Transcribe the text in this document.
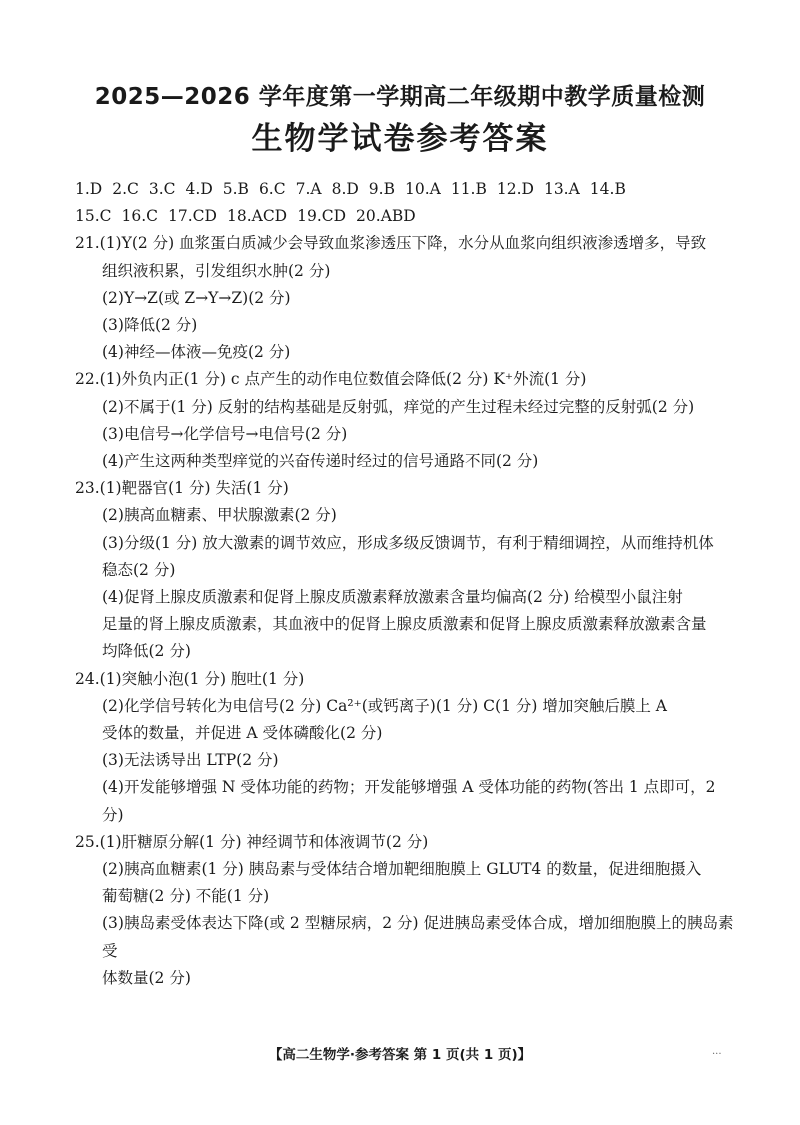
2025—2026 学年度第一学期高二年级期中教学质量检测
生物学试卷参考答案
1.D 2.C 3.C 4.D 5.B 6.C 7.A 8.D 9.B 10.A 11.B 12.D 13.A 14.B
15.C 16.C 17.CD 18.ACD 19.CD 20.ABD
21.(1)Y(2 分) 血浆蛋白质减少会导致血浆渗透压下降，水分从血浆向组织液渗透增多，导致
组织液积累，引发组织水肿(2 分)
(2)Y→Z(或 Z→Y→Z)(2 分)
(3)降低(2 分)
(4)神经—体液—免疫(2 分)
22.(1)外负内正(1 分) c 点产生的动作电位数值会降低(2 分) K⁺外流(1 分)
(2)不属于(1 分) 反射的结构基础是反射弧，痒觉的产生过程未经过完整的反射弧(2 分)
(3)电信号→化学信号→电信号(2 分)
(4)产生这两种类型痒觉的兴奋传递时经过的信号通路不同(2 分)
23.(1)靶器官(1 分) 失活(1 分)
(2)胰高血糖素、甲状腺激素(2 分)
(3)分级(1 分) 放大激素的调节效应，形成多级反馈调节，有利于精细调控，从而维持机体
稳态(2 分)
(4)促肾上腺皮质激素和促肾上腺皮质激素释放激素含量均偏高(2 分) 给模型小鼠注射
足量的肾上腺皮质激素，其血液中的促肾上腺皮质激素和促肾上腺皮质激素释放激素含量
均降低(2 分)
24.(1)突触小泡(1 分) 胞吐(1 分)
(2)化学信号转化为电信号(2 分) Ca²⁺(或钙离子)(1 分) C(1 分) 增加突触后膜上 A
受体的数量，并促进 A 受体磷酸化(2 分)
(3)无法诱导出 LTP(2 分)
(4)开发能够增强 N 受体功能的药物；开发能够增强 A 受体功能的药物(答出 1 点即可，2 分)
25.(1)肝糖原分解(1 分) 神经调节和体液调节(2 分)
(2)胰高血糖素(1 分) 胰岛素与受体结合增加靶细胞膜上 GLUT4 的数量，促进细胞摄入
葡萄糖(2 分) 不能(1 分)
(3)胰岛素受体表达下降(或 2 型糖尿病，2 分) 促进胰岛素受体合成，增加细胞膜上的胰岛素受
体数量(2 分)
【高二生物学·参考答案 第 1 页(共 1 页)】	...
